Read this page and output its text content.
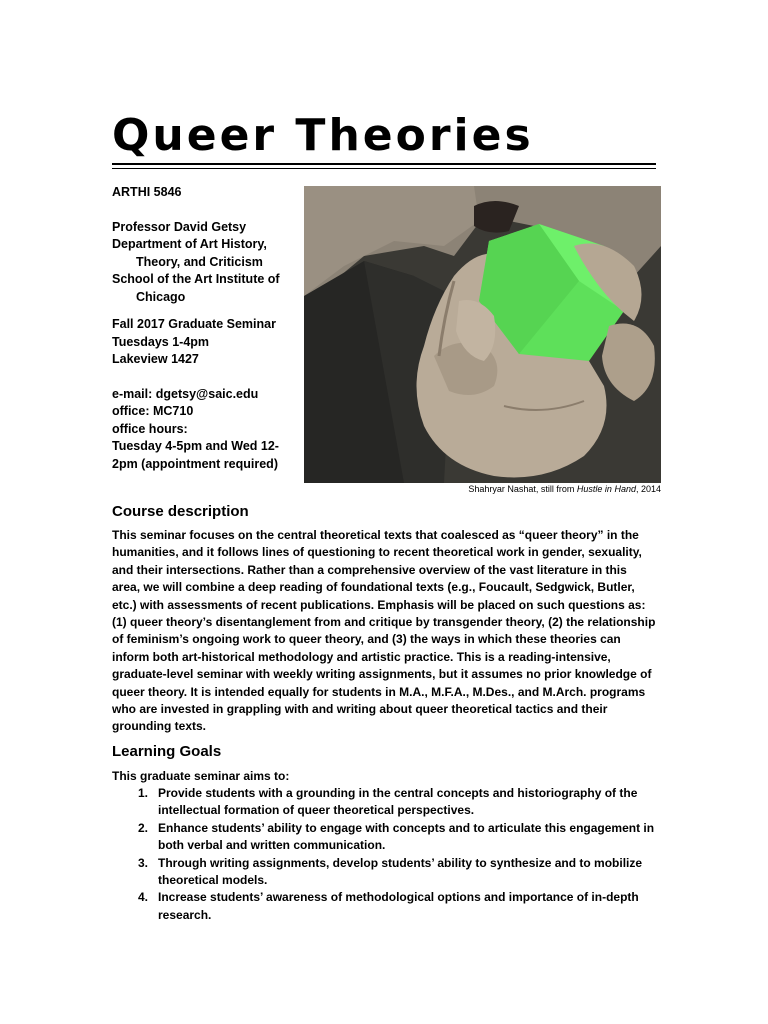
Queer Theories
ARTHI 5846
Professor David Getsy
Department of Art History,
Theory, and Criticism
School of the Art Institute of
Chicago
Fall 2017 Graduate Seminar
Tuesdays 1-4pm
Lakeview 1427
e-mail: dgetsy@saic.edu
office: MC710
office hours:
Tuesday 4-5pm and Wed 12-
2pm (appointment required)
Shahryar Nashat, still from Hustle in Hand, 2014
Course description
This seminar focuses on the central theoretical texts that coalesced as “queer theory” in the humanities, and it follows lines of questioning to recent theoretical work in gender, sexuality, and their intersections. Rather than a comprehensive overview of the vast literature in this area, we will combine a deep reading of foundational texts (e.g., Foucault, Sedgwick, Butler, etc.) with assessments of recent publications. Emphasis will be placed on such questions as: (1) queer theory’s disentanglement from and critique by transgender theory, (2) the relationship of feminism’s ongoing work to queer theory, and (3) the ways in which these theories can inform both art-historical methodology and artistic practice. This is a reading-intensive, graduate-level seminar with weekly writing assignments, but it assumes no prior knowledge of queer theory. It is intended equally for students in M.A., M.F.A., M.Des., and M.Arch. programs who are invested in grappling with and writing about queer theoretical tactics and their grounding texts.
Learning Goals
This graduate seminar aims to:
1. Provide students with a grounding in the central concepts and historiography of the intellectual formation of queer theoretical perspectives.
2. Enhance students’ ability to engage with concepts and to articulate this engagement in both verbal and written communication.
3. Through writing assignments, develop students’ ability to synthesize and to mobilize theoretical models.
4. Increase students’ awareness of methodological options and importance of in-depth research.
